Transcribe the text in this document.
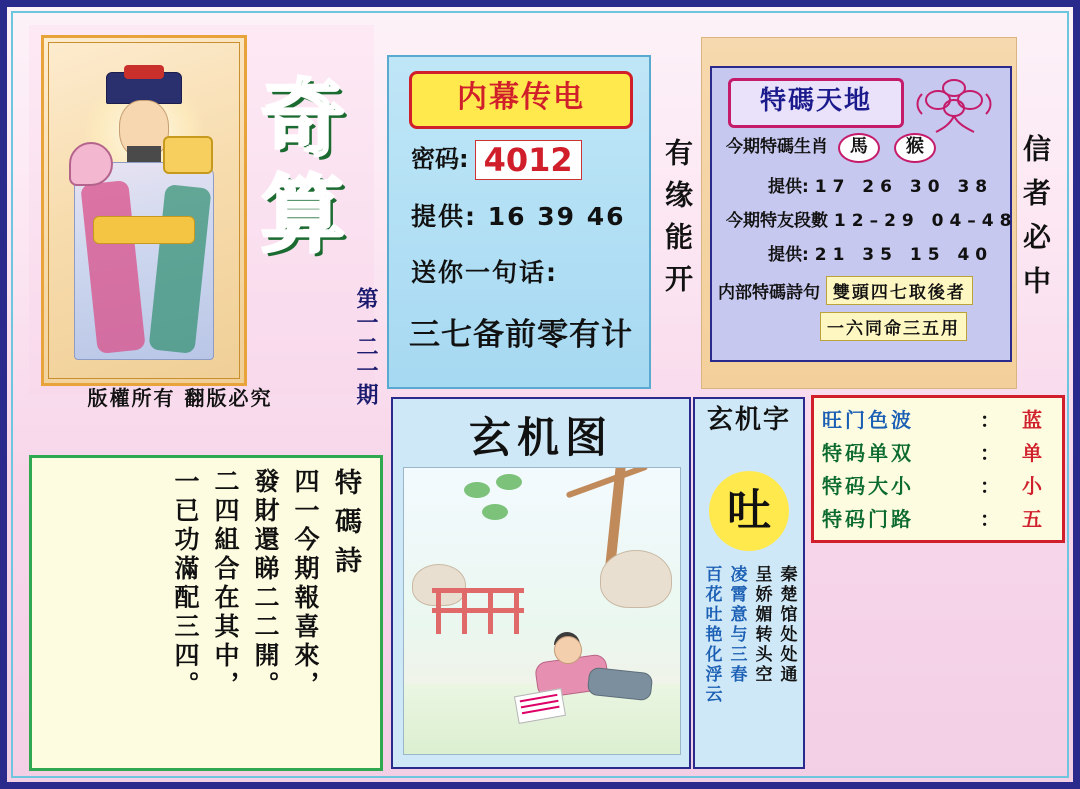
奇算
第一二一期
版權所有 翻版必究
特碼詩
四一今期報喜來，
發財還睇二二開。
二四組合在其中，
一已功滿配三四。
内幕传电
密码: 4012
提供: 16 39 46
送你一句话:
三七备前零有计
有缘能开	信者必中
特碼天地
今期特碼生肖 馬 猴
提供: 17 26 30 38
今期特友段數 12–29 04–48
提供: 21 35 15 40
内部特碼詩句 雙頭四七取後者
一六同命三五用
玄机图	玄机字
吐
秦楚馆处处通
呈娇媚转头空
凌霄意与三春
百花吐艳化浮云
旺门色波	：	蓝
特码单双	：	单
特码大小	：	小
特码门路	：	五
